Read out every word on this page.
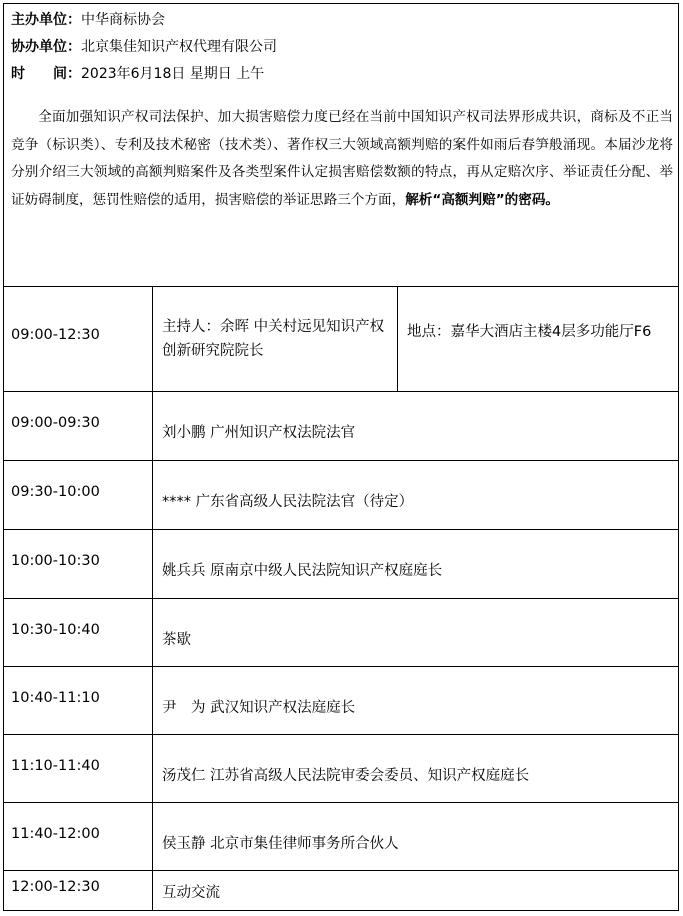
主办单位：中华商标协会
协办单位：北京集佳知识产权代理有限公司
时 间：2023年6月18日 星期日 上午
全面加强知识产权司法保护、加大损害赔偿力度已经在当前中国知识产权司法界形成共识，商标及不正当竞争（标识类）、专利及技术秘密（技术类）、著作权三大领域高额判赔的案件如雨后春笋般涌现。本届沙龙将分别介绍三大领域的高额判赔案件及各类型案件认定损害赔偿数额的特点，再从定赔次序、举证责任分配、举证妨碍制度，惩罚性赔偿的适用，损害赔偿的举证思路三个方面，解析“高额判赔”的密码。
09:00-12:30	主持人：余晖 中关村远见知识产权创新研究院院长
地点：嘉华大酒店主楼4层多功能厅F6
09:00-09:30
刘小鹏 广州知识产权法院法官
09:30-10:00
**** 广东省高级人民法院法官（待定）
10:00-10:30
姚兵兵 原南京中级人民法院知识产权庭庭长
10:30-10:40
茶歇
10:40-11:10
尹　为 武汉知识产权法庭庭长
11:10-11:40
汤茂仁 江苏省高级人民法院审委会委员、知识产权庭庭长
11:40-12:00
侯玉静 北京市集佳律师事务所合伙人
12:00-12:30	互动交流
